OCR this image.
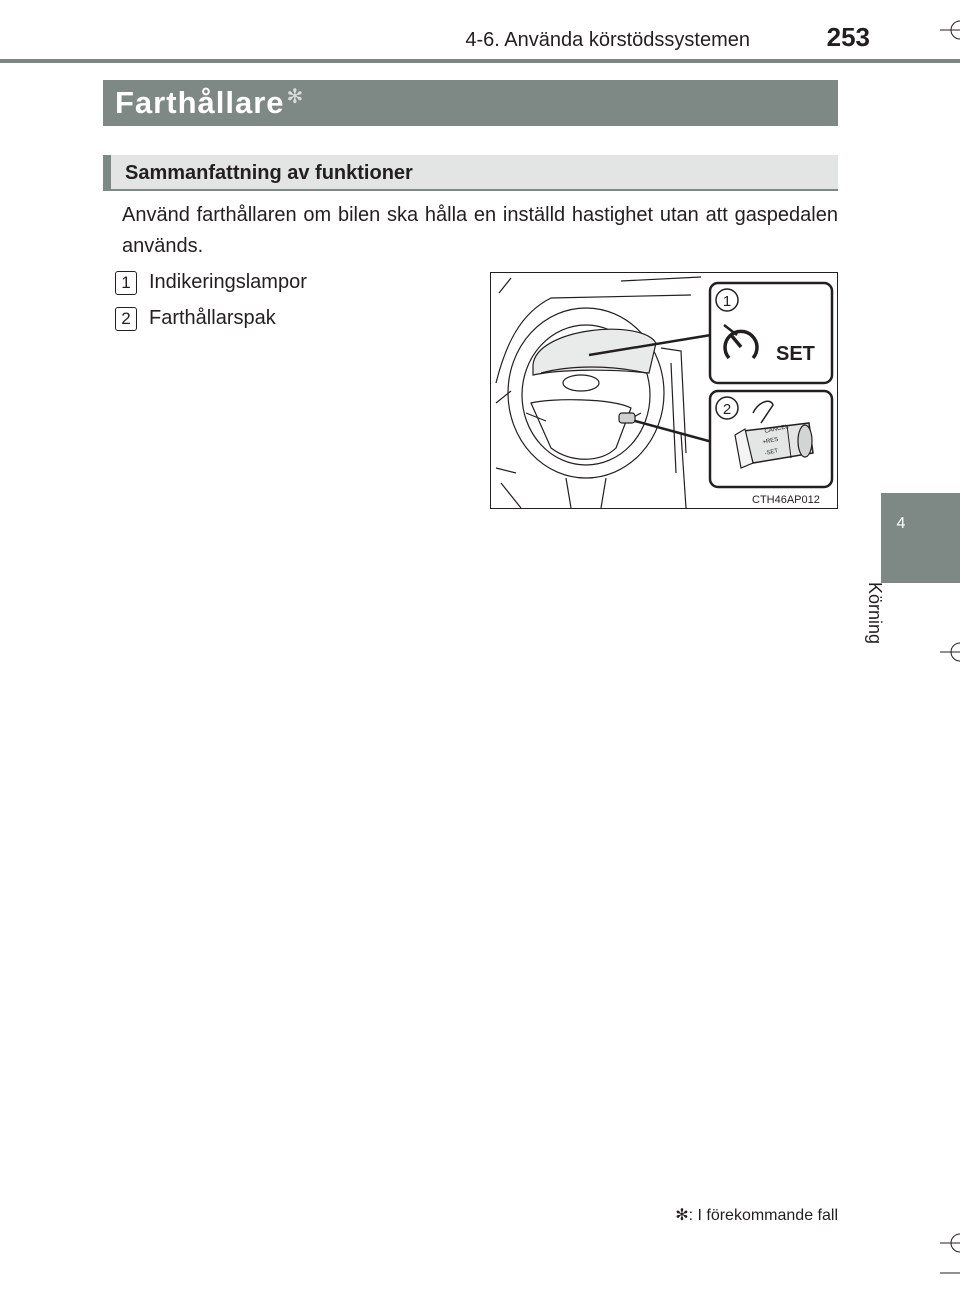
4-6. Använda körstödssystemen	253
Farthållare ✻
Sammanfattning av funktioner
Använd farthållaren om bilen ska hålla en inställd hastighet utan att gaspedalen används.
1 Indikeringslampor
2 Farthållarspak
1
2
SET
CANCEL
+RES
-SET
CTH46AP012
4
Körning
✻: I förekommande fall
